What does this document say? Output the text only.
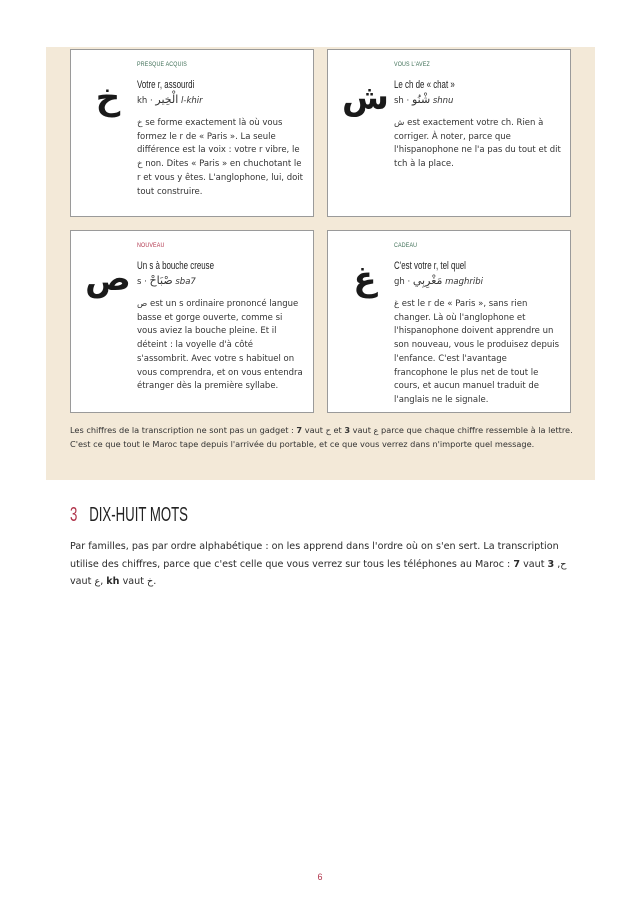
خ
PRESQUE ACQUIS
Votre r, assourdi
kh · الْخِير l-khir
خ se forme exactement là où vous formez le r de « Paris ». La seule différence est la voix : votre r vibre, le خ non. Dites « Paris » en chuchotant le r et vous y êtes. L'anglophone, lui, doit tout construire.
ش
VOUS L'AVEZ
Le ch de « chat »
sh · شْنُو shnu
ش est exactement votre ch. Rien à corriger. À noter, parce que l'hispanophone ne l'a pas du tout et dit tch à la place.
ص
NOUVEAU
Un s à bouche creuse
s · صْبَاحْ sba7
ص est un s ordinaire prononcé langue basse et gorge ouverte, comme si vous aviez la bouche pleine. Et il déteint : la voyelle d'à côté s'assombrit. Avec votre s habituel on vous comprendra, et on vous entendra étranger dès la première syllabe.
غ
CADEAU
C'est votre r, tel quel
gh · مَغْرِبِي maghribi
غ est le r de « Paris », sans rien changer. Là où l'anglophone et l'hispanophone doivent apprendre un son nouveau, vous le produisez depuis l'enfance. C'est l'avantage francophone le plus net de tout le cours, et aucun manuel traduit de l'anglais ne le signale.
Les chiffres de la transcription ne sont pas un gadget : 7 vaut ح et 3 vaut ع parce que chaque chiffre ressemble à la lettre. C'est ce que tout le Maroc tape depuis l'arrivée du portable, et ce que vous verrez dans n'importe quel message.
3 DIX-HUIT MOTS
Par familles, pas par ordre alphabétique : on les apprend dans l'ordre où on s'en sert. La transcription utilise des chiffres, parce que c'est celle que vous verrez sur tous les téléphones au Maroc : 7 vaut ح, 3 vaut ع, kh vaut خ.
6
